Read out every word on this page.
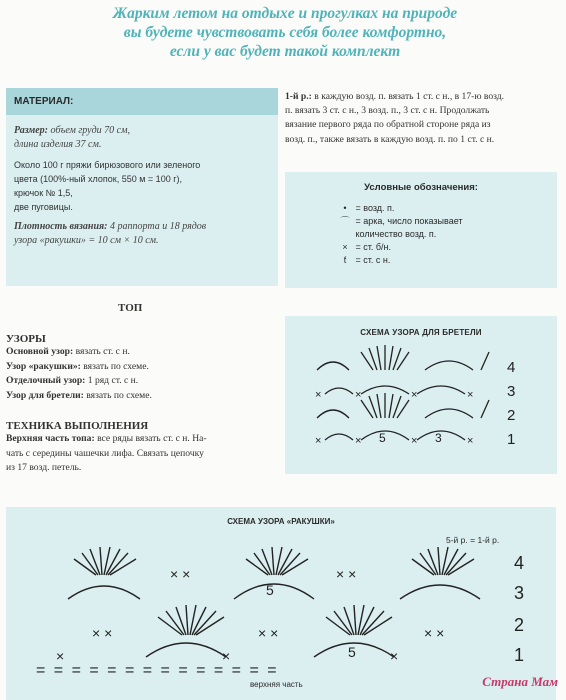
Жарким летом на отдыхе и прогулках на природе
вы будете чувствовать себя более комфортно,
если у вас будет такой комплект
МАТЕРИАЛ:
Размер: объем груди 70 см,
длина изделия 37 см.
Около 100 г пряжи бирюзового или зеленого
цвета (100%-ный хлопок, 550 м = 100 г),
крючок № 1,5,
две пуговицы.
Плотность вязания: 4 раппорта и 18 рядов
узора «ракушки» = 10 см × 10 см.
1-й р.: в каждую возд. п. вязать 1 ст. с н., в 17-ю возд.
п. вязать 3 ст. с н., 3 возд. п., 3 ст. с н. Продолжать
вязание первого ряда по обратной стороне ряда из
возд. п., также вязать в каждую возд. п. по 1 ст. с н.
Условные обозначения:
• = возд. п.
⌒ = арка, число показывает
количество возд. п.
× = ст. б/н.
ƭ = ст. с н.
ТОП
УЗОРЫ
Основной узор: вязать ст. с н.
Узор «ракушки»: вязать по схеме.
Отделочный узор: 1 ряд ст. с н.
Узор для бретели: вязать по схеме.
ТЕХНИКА ВЫПОЛНЕНИЯ
Верхняя часть топа: все ряды вязать ст. с н. На-
чать с середины чашечки лифа. Связать цепочку
из 17 возд. петель.
СХЕМА УЗОРА ДЛЯ БРЕТЕЛИ
×	×	×	×
×	×	×	×
5	3
4
3
2
1
СХЕМА УЗОРА «РАКУШКИ»
5-й р. = 1-й р.
× ×	× ×
× ×	× ×	× ×
×	×	×
= = = = = = = = = = = = = =
5
5
4
3
2
1
верхняя часть	Страна Мам
